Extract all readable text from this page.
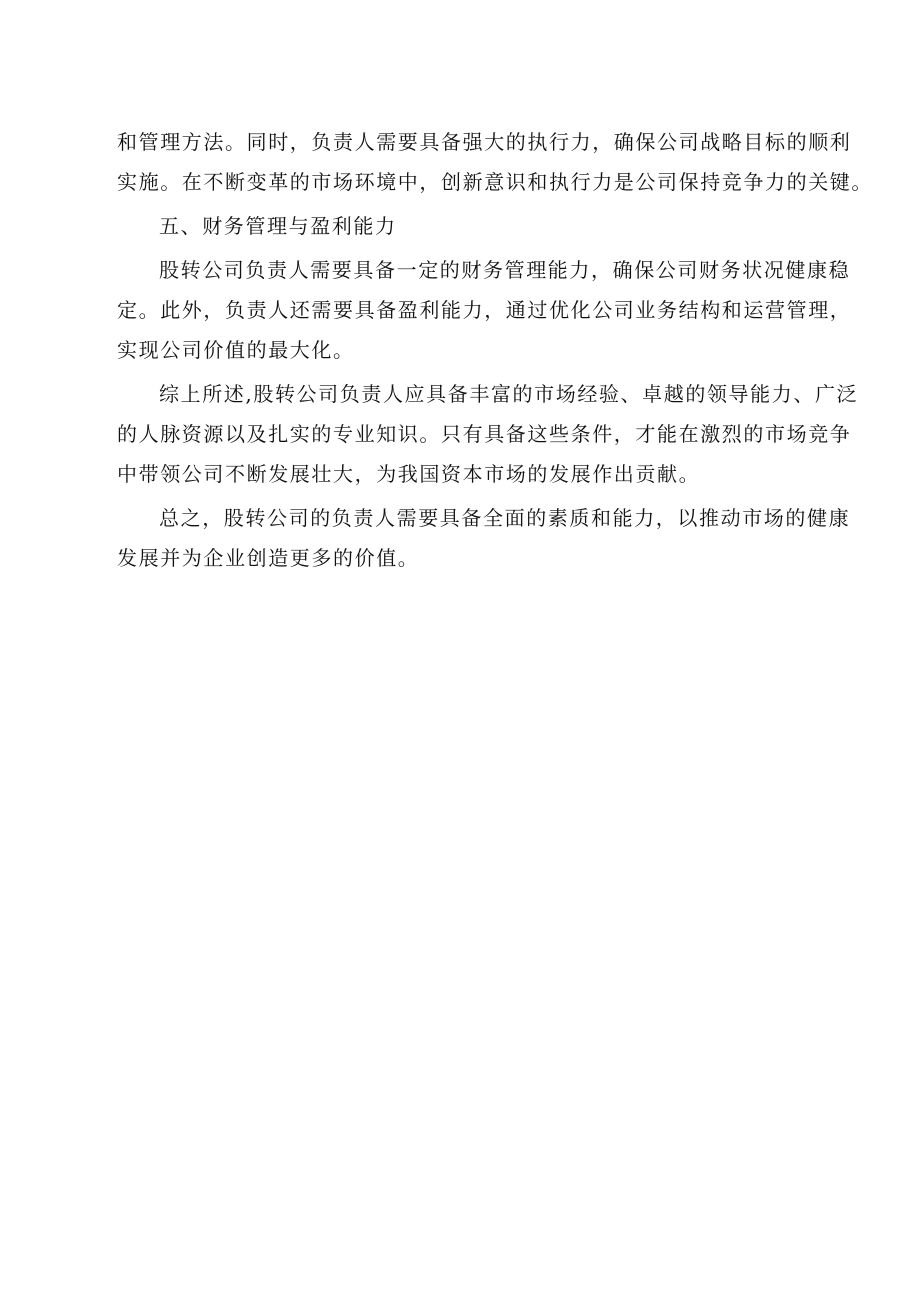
和管理方法。同时，负责人需要具备强大的执行力，确保公司战略目标的顺利
实施。在不断变革的市场环境中，创新意识和执行力是公司保持竞争力的关键。
五、财务管理与盈利能力
股转公司负责人需要具备一定的财务管理能力，确保公司财务状况健康稳
定。此外，负责人还需要具备盈利能力，通过优化公司业务结构和运营管理，
实现公司价值的最大化。
综上所述,股转公司负责人应具备丰富的市场经验、卓越的领导能力、广泛
的人脉资源以及扎实的专业知识。只有具备这些条件，才能在激烈的市场竞争
中带领公司不断发展壮大，为我国资本市场的发展作出贡献。
总之，股转公司的负责人需要具备全面的素质和能力，以推动市场的健康
发展并为企业创造更多的价值。
